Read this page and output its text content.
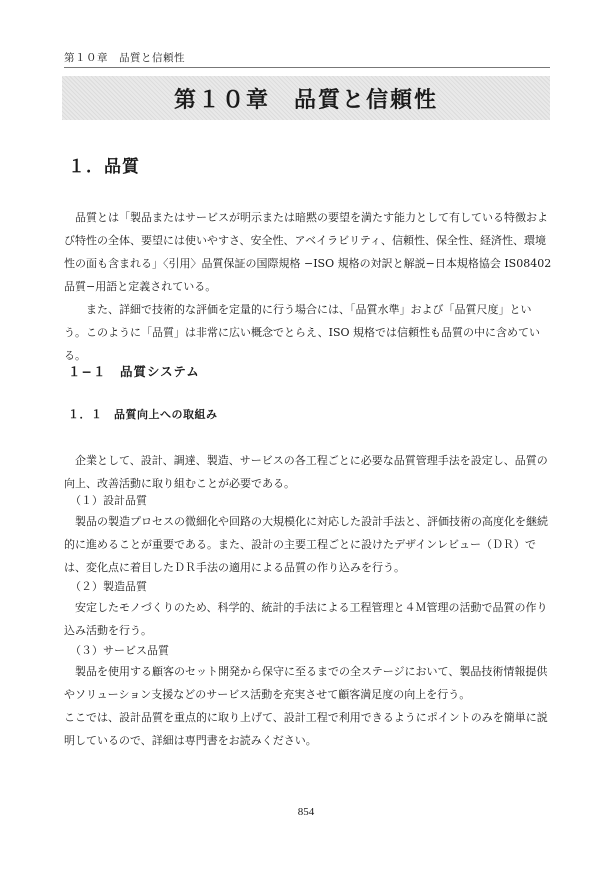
第１０章　品質と信頼性
第１０章　品質と信頼性
１．品質

品質とは「製品またはサービスが明示または暗黙の要望を満たす能力として有している特徴および特性の全体、要望には使いやすさ、安全性、アベイラビリティ、信頼性、保全性、経済性、環境性の面も含まれる」〈引用〉品質保証の国際規格 −ISO 規格の対訳と解説−日本規格協会 IS08402　品質−用語と定義されている。

また、詳細で技術的な評価を定量的に行う場合には、「品質水準」および「品質尺度」という。このように「品質」は非常に広い概念でとらえ、ISO 規格では信頼性も品質の中に含めている。

１−１　品質システム
１．１　品質向上への取組み

企業として、設計、調達、製造、サービスの各工程ごとに必要な品質管理手法を設定し、品質の向上、改善活動に取り組むことが必要である。

（１）設計品質

製品の製造プロセスの微細化や回路の大規模化に対応した設計手法と、評価技術の高度化を継続的に進めることが重要である。また、設計の主要工程ごとに設けたデザインレビュー（ＤＲ）では、変化点に着目したＤＲ手法の適用による品質の作り込みを行う。

（２）製造品質

安定したモノづくりのため、科学的、統計的手法による工程管理と４Ｍ管理の活動で品質の作り込み活動を行う。

（３）サービス品質

製品を使用する顧客のセット開発から保守に至るまでの全ステージにおいて、製品技術情報提供やソリューション支援などのサービス活動を充実させて顧客満足度の向上を行う。

ここでは、設計品質を重点的に取り上げて、設計工程で利用できるようにポイントのみを簡単に説明しているので、詳細は専門書をお読みください。

854
